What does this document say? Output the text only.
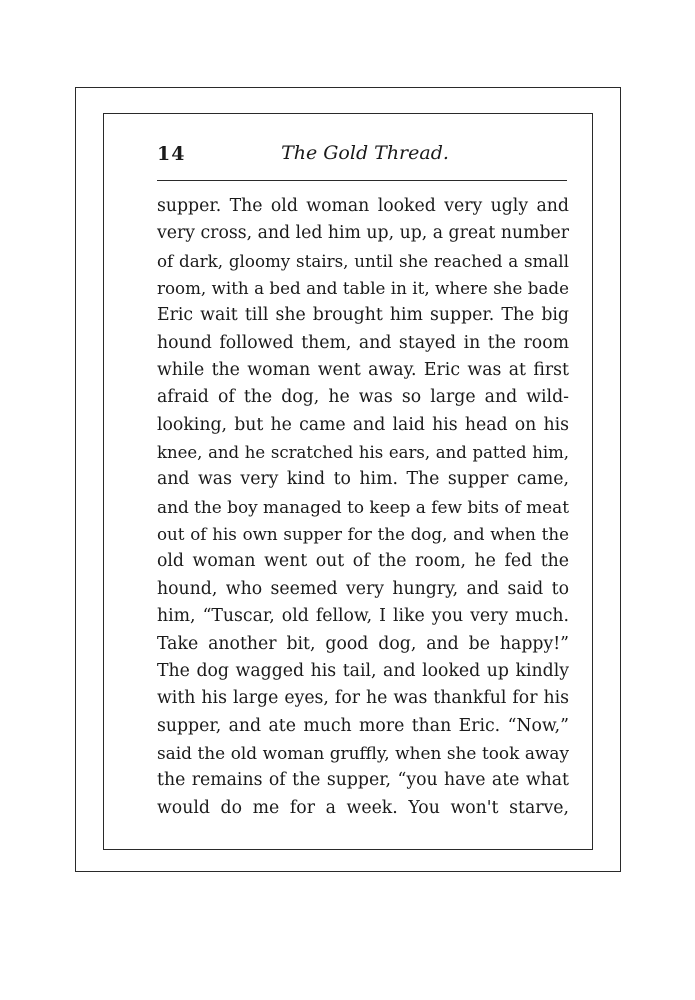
14	The Gold Thread.
supper. The old woman looked very ugly and
very cross, and led him up, up, a great number
of dark, gloomy stairs, until she reached a small
room, with a bed and table in it, where she bade
Eric wait till she brought him supper. The big
hound followed them, and stayed in the room
while the woman went away. Eric was at first
afraid of the dog, he was so large and wild-
looking, but he came and laid his head on his
knee, and he scratched his ears, and patted him,
and was very kind to him. The supper came,
and the boy managed to keep a few bits of meat
out of his own supper for the dog, and when the
old woman went out of the room, he fed the
hound, who seemed very hungry, and said to
him, “Tuscar, old fellow, I like you very much.
Take another bit, good dog, and be happy!”
The dog wagged his tail, and looked up kindly
with his large eyes, for he was thankful for his
supper, and ate much more than Eric. “Now,”
said the old woman gruffly, when she took away
the remains of the supper, “you have ate what
would do me for a week. You won't starve,
